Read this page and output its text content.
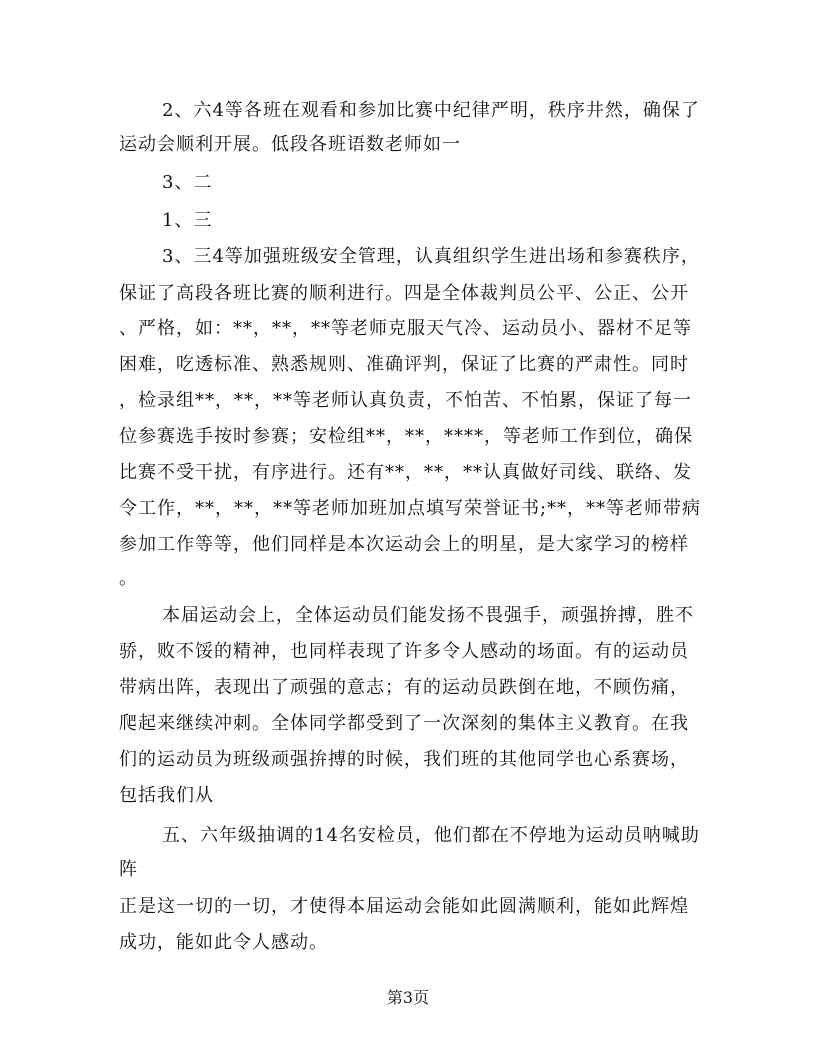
2、六4等各班在观看和参加比赛中纪律严明，秩序井然，确保了
运动会顺利开展。低段各班语数老师如一
3、二
1、三
3、三4等加强班级安全管理，认真组织学生进出场和参赛秩序，
保证了高段各班比赛的顺利进行。四是全体裁判员公平、公正、公开
、严格，如：**，**，**等老师克服天气冷、运动员小、器材不足等
困难，吃透标准、熟悉规则、准确评判，保证了比赛的严肃性。同时
，检录组**，**，**等老师认真负责，不怕苦、不怕累，保证了每一
位参赛选手按时参赛；安检组**，**，****，等老师工作到位，确保
比赛不受干扰，有序进行。还有**，**，**认真做好司线、联络、发
令工作，**，**，**等老师加班加点填写荣誉证书;**，**等老师带病
参加工作等等，他们同样是本次运动会上的明星，是大家学习的榜样
。
本届运动会上，全体运动员们能发扬不畏强手，顽强拚搏，胜不
骄，败不馁的精神，也同样表现了许多令人感动的场面。有的运动员
带病出阵，表现出了顽强的意志；有的运动员跌倒在地，不顾伤痛，
爬起来继续冲刺。全体同学都受到了一次深刻的集体主义教育。在我
们的运动员为班级顽强拚搏的时候，我们班的其他同学也心系赛场，
包括我们从
五、六年级抽调的14名安检员，他们都在不停地为运动员呐喊助
阵
正是这一切的一切，才使得本届运动会能如此圆满顺利，能如此辉煌
成功，能如此令人感动。
第3页
